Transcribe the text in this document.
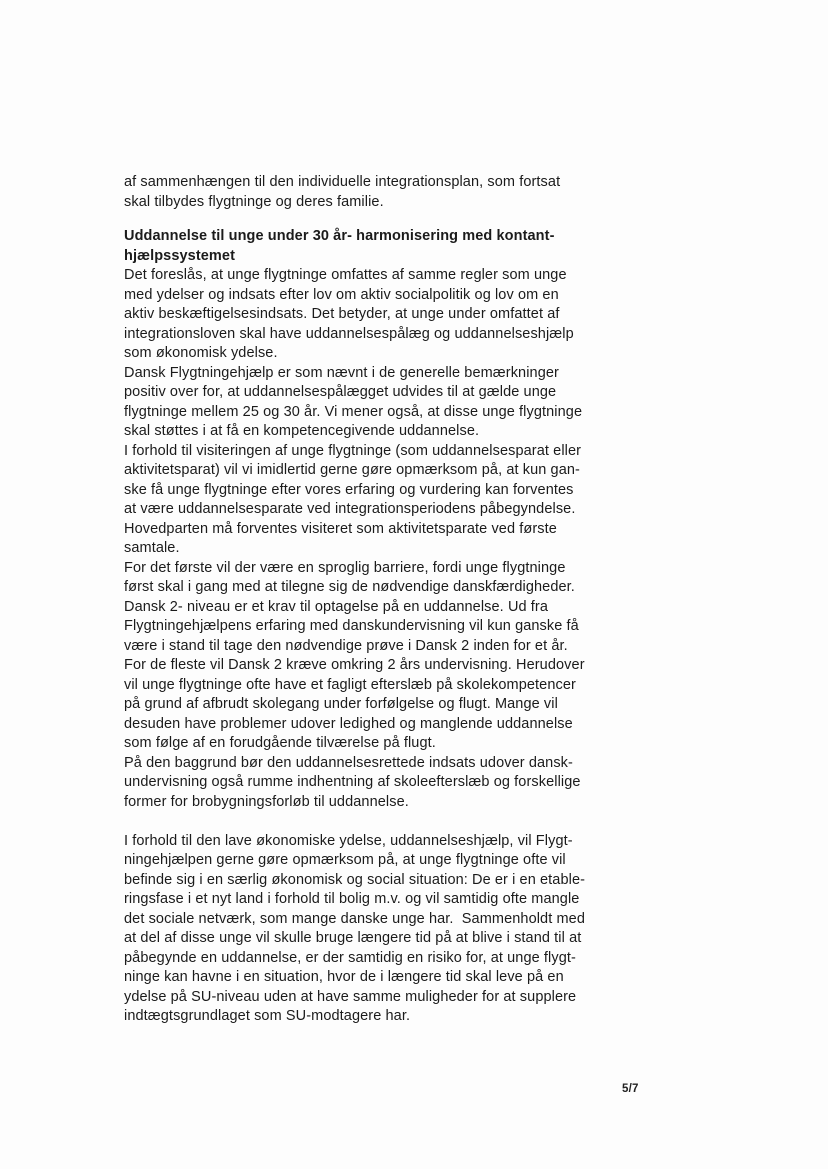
af sammenhængen til den individuelle integrationsplan, som fortsat
skal tilbydes flygtninge og deres familie.
Uddannelse til unge under 30 år- harmonisering med kontant-
hjælpssystemet
Det foreslås, at unge flygtninge omfattes af samme regler som unge
med ydelser og indsats efter lov om aktiv socialpolitik og lov om en
aktiv beskæftigelsesindsats. Det betyder, at unge under omfattet af
integrationsloven skal have uddannelsespålæg og uddannelseshjælp
som økonomisk ydelse.
Dansk Flygtningehjælp er som nævnt i de generelle bemærkninger
positiv over for, at uddannelsespålægget udvides til at gælde unge
flygtninge mellem 25 og 30 år. Vi mener også, at disse unge flygtninge
skal støttes i at få en kompetencegivende uddannelse.
I forhold til visiteringen af unge flygtninge (som uddannelsesparat eller
aktivitetsparat) vil vi imidlertid gerne gøre opmærksom på, at kun gan-
ske få unge flygtninge efter vores erfaring og vurdering kan forventes
at være uddannelsesparate ved integrationsperiodens påbegyndelse.
Hovedparten må forventes visiteret som aktivitetsparate ved første
samtale.
For det første vil der være en sproglig barriere, fordi unge flygtninge
først skal i gang med at tilegne sig de nødvendige danskfærdigheder.
Dansk 2- niveau er et krav til optagelse på en uddannelse. Ud fra
Flygtningehjælpens erfaring med danskundervisning vil kun ganske få
være i stand til tage den nødvendige prøve i Dansk 2 inden for et år.
For de fleste vil Dansk 2 kræve omkring 2 års undervisning. Herudover
vil unge flygtninge ofte have et fagligt efterslæb på skolekompetencer
på grund af afbrudt skolegang under forfølgelse og flugt. Mange vil
desuden have problemer udover ledighed og manglende uddannelse
som følge af en forudgående tilværelse på flugt.
På den baggrund bør den uddannelsesrettede indsats udover dansk-
undervisning også rumme indhentning af skoleefterslæb og forskellige
former for brobygningsforløb til uddannelse.
I forhold til den lave økonomiske ydelse, uddannelseshjælp, vil Flygt-
ningehjælpen gerne gøre opmærksom på, at unge flygtninge ofte vil
befinde sig i en særlig økonomisk og social situation: De er i en etable-
ringsfase i et nyt land i forhold til bolig m.v. og vil samtidig ofte mangle
det sociale netværk, som mange danske unge har.  Sammenholdt med
at del af disse unge vil skulle bruge længere tid på at blive i stand til at
påbegynde en uddannelse, er der samtidig en risiko for, at unge flygt-
ninge kan havne i en situation, hvor de i længere tid skal leve på en
ydelse på SU-niveau uden at have samme muligheder for at supplere
indtægtsgrundlaget som SU-modtagere har.
5/7
